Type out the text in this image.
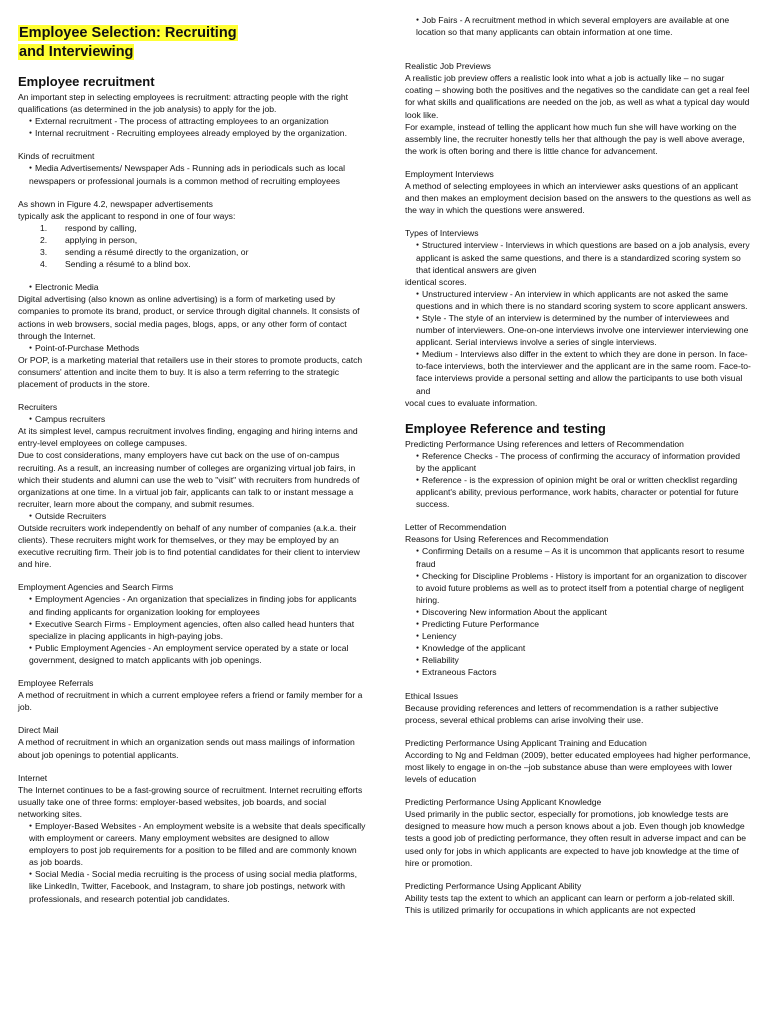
Employee Selection: Recruiting
and Interviewing
Employee recruitment
An important step in selecting employees is recruitment: attracting people with the right qualifications (as determined in the job analysis) to apply for the job.
● External recruitment - The process of attracting employees to an organization
● Internal recruitment - Recruiting employees already employed by the organization.
Kinds of recruitment
● Media Advertisements/ Newspaper Ads - Running ads in periodicals such as local newspapers or professional journals is a common method of recruiting employees
As shown in Figure 4.2, newspaper advertisements
typically ask the applicant to respond in one of four ways:
1.	respond by calling,
2.	applying in person,
3.	sending a résumé directly to the organization, or
4.	Sending a résumé to a blind box.
● Electronic Media
Digital advertising (also known as online advertising) is a form of marketing used by companies to promote its brand, product, or service through digital channels. It consists of actions in web browsers, social media pages, blogs, apps, or any other form of contact through the Internet.
● Point-of-Purchase Methods
Or POP, is a marketing material that retailers use in their stores to promote products, catch consumers' attention and incite them to buy. It is also a term referring to the strategic placement of products in the store.
Recruiters
● Campus recruiters
At its simplest level, campus recruitment involves finding, engaging and hiring interns and entry-level employees on college campuses.
Due to cost considerations, many employers have cut back on the use of on-campus recruiting. As a result, an increasing number of colleges are organizing virtual job fairs, in which their students and alumni can use the web to "visit" with recruiters from hundreds of organizations at one time. In a virtual job fair, applicants can talk to or instant message a recruiter, learn more about the company, and submit resumes.
● Outside Recruiters
Outside recruiters work independently on behalf of any number of companies (a.k.a. their clients). These recruiters might work for themselves, or they may be employed by an executive recruiting firm. Their job is to find potential candidates for their client to interview and hire.
Employment Agencies and Search Firms
● Employment Agencies - An organization that specializes in finding jobs for applicants and finding applicants for organization looking for employees
● Executive Search Firms - Employment agencies, often also called head hunters that specialize in placing applicants in high-paying jobs.
● Public Employment Agencies - An employment service operated by a state or local government, designed to match applicants with job openings.
Employee Referrals
A method of recruitment in which a current employee refers a friend or family member for a job.
Direct Mail
A method of recruitment in which an organization sends out mass mailings of information about job openings to potential applicants.
Internet
The Internet continues to be a fast-growing source of recruitment. Internet recruiting efforts usually take one of three forms: employer-based websites, job boards, and social networking sites.
● Employer-Based Websites - An employment website is a website that deals specifically with employment or careers. Many employment websites are designed to allow employers to post job requirements for a position to be filled and are commonly known as job boards.
● Social Media - Social media recruiting is the process of using social media platforms, like LinkedIn, Twitter, Facebook, and Instagram, to share job postings, network with professionals, and research potential job candidates.
● Job Fairs - A recruitment method in which several employers are available at one location so that many applicants can obtain information at one time.
Realistic Job Previews
A realistic job preview offers a realistic look into what a job is actually like – no sugar coating – showing both the positives and the negatives so the candidate can get a real feel for what skills and qualifications are needed on the job, as well as what a typical day would look like.
For example, instead of telling the applicant how much fun she will have working on the assembly line, the recruiter honestly tells her that although the pay is well above average, the work is often boring and there is little chance for advancement.
Employment Interviews
A method of selecting employees in which an interviewer asks questions of an applicant and then makes an employment decision based on the answers to the questions as well as the way in which the questions were answered.
Types of Interviews
● Structured interview - Interviews in which questions are based on a job analysis, every applicant is asked the same questions, and there is a standardized scoring system so that identical answers are given
identical scores.
● Unstructured interview - An interview in which applicants are not asked the same questions and in which there is no standard scoring system to score applicant answers.
● Style - The style of an interview is determined by the number of interviewees and number of interviewers. One-on-one interviews involve one interviewer interviewing one applicant. Serial interviews involve a series of single interviews.
● Medium - Interviews also differ in the extent to which they are done in person. In face-to-face interviews, both the interviewer and the applicant are in the same room. Face-to-face interviews provide a personal setting and allow the participants to use both visual and
vocal cues to evaluate information.
Employee Reference and testing
Predicting Performance Using references and letters of Recommendation
● Reference Checks - The process of confirming the accuracy of information provided by the applicant
● Reference - is the expression of opinion might be oral or written checklist regarding applicant's ability, previous performance, work habits, character or potential for future success.
Letter of Recommendation
Reasons for Using References and Recommendation
● Confirming Details on a resume – As it is uncommon that applicants resort to resume fraud
● Checking for Discipline Problems - History is important for an organization to discover to avoid future problems as well as to protect itself from a potential charge of negligent hiring.
● Discovering New information About the applicant
● Predicting Future Performance
● Leniency
● Knowledge of the applicant
● Reliability
● Extraneous Factors
Ethical Issues
Because providing references and letters of recommendation is a rather subjective process, several ethical problems can arise involving their use.
Predicting Performance Using Applicant Training and Education
According to Ng and Feldman (2009), better educated employees had higher performance, most likely to engage in on-the –job substance abuse than were employees with lower levels of education
Predicting Performance Using Applicant Knowledge
Used primarily in the public sector, especially for promotions, job knowledge tests are designed to measure how much a person knows about a job. Even though job knowledge tests a good job of predicting performance, they often result in adverse impact and can be used only for jobs in which applicants are expected to have job knowledge at the time of hire or promotion.
Predicting Performance Using Applicant Ability
Ability tests tap the extent to which an applicant can learn or perform a job-related skill. This is utilized primarily for occupations in which applicants are not expected
